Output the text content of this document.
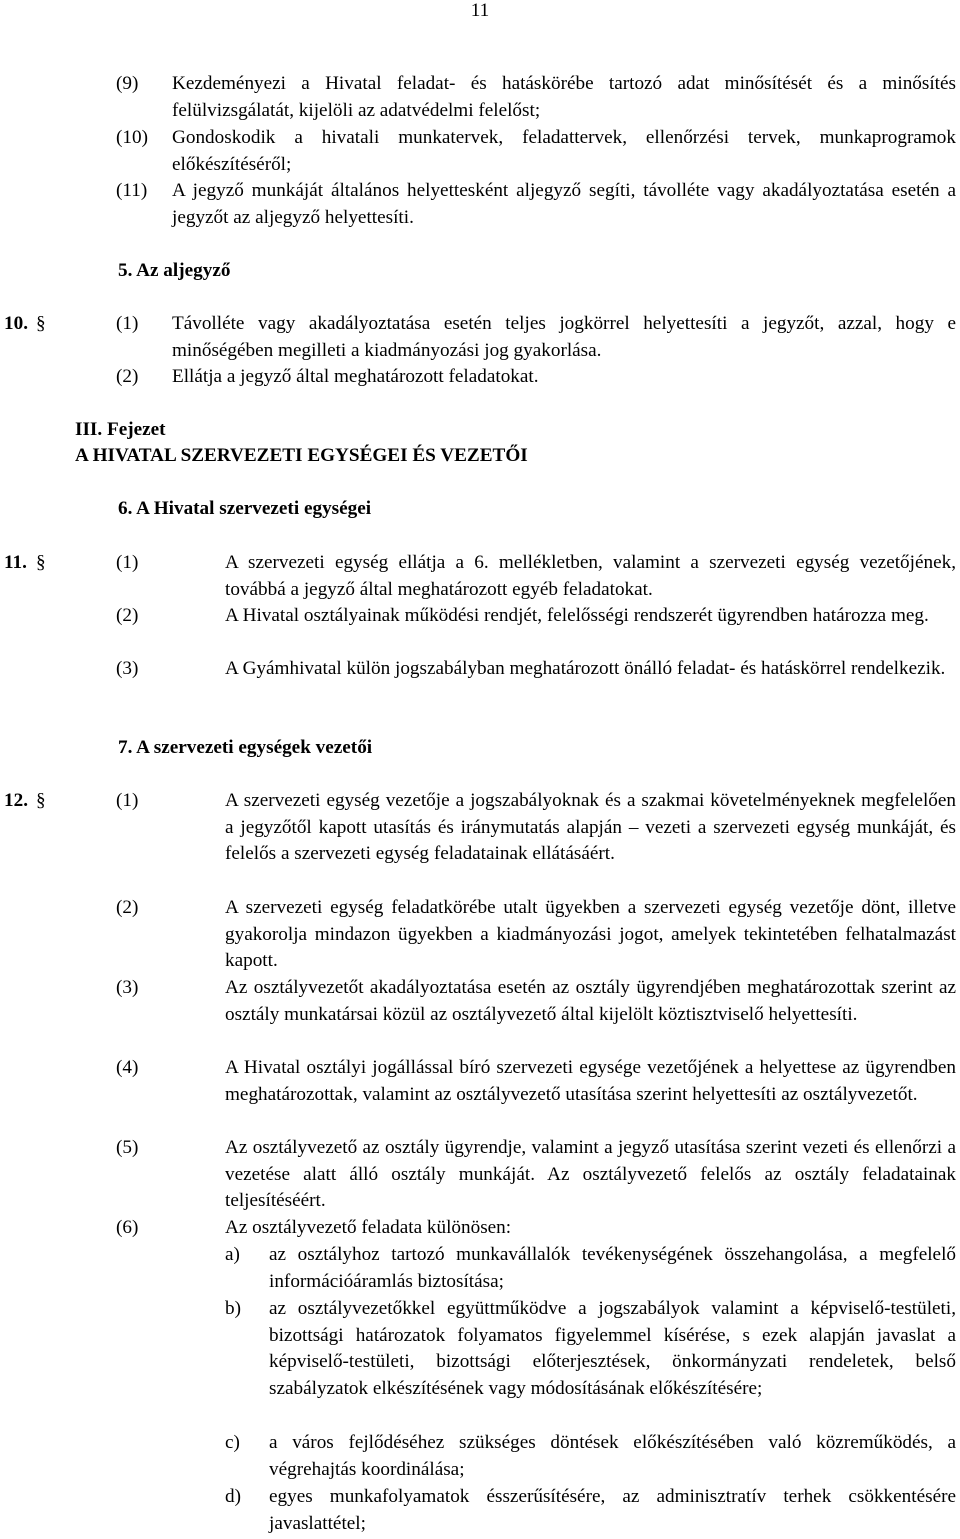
11
(9) Kezdeményezi a Hivatal feladat- és hatáskörébe tartozó adat minősítését és a minősítés felülvizsgálatát, kijelöli az adatvédelmi felelőst;
(10) Gondoskodik a hivatali munkatervek, feladattervek, ellenőrzési tervek, munkaprogramok előkészítéséről;
(11) A jegyző munkáját általános helyettesként aljegyző segíti, távolléte vagy akadályoztatása esetén a jegyzőt az aljegyző helyettesíti.
5. Az aljegyző
10. §	(1) Távolléte vagy akadályoztatása esetén teljes jogkörrel helyettesíti a jegyzőt, azzal, hogy e minőségében megilleti a kiadmányozási jog gyakorlása.
(2) Ellátja a jegyző által meghatározott feladatokat.
III. Fejezet
A HIVATAL SZERVEZETI EGYSÉGEI ÉS VEZETŐI
6. A Hivatal szervezeti egységei
11. §	(1)	A szervezeti egység ellátja a 6. mellékletben, valamint a szervezeti egység vezetőjének, továbbá a jegyző által meghatározott egyéb feladatokat.
(2)	A Hivatal osztályainak működési rendjét, felelősségi rendszerét ügyrendben határozza meg.
(3)	A Gyámhivatal külön jogszabályban meghatározott önálló feladat- és hatáskörrel rendelkezik.
7. A szervezeti egységek vezetői
12. §	(1)	A szervezeti egység vezetője a jogszabályoknak és a szakmai követelményeknek megfelelően a jegyzőtől kapott utasítás és iránymutatás alapján – vezeti a szervezeti egység munkáját, és felelős a szervezeti egység feladatainak ellátásáért.
(2)	A szervezeti egység feladatkörébe utalt ügyekben a szervezeti egység vezetője dönt, illetve gyakorolja mindazon ügyekben a kiadmányozási jogot, amelyek tekintetében felhatalmazást kapott.
(3)	Az osztályvezetőt akadályoztatása esetén az osztály ügyrendjében meghatározottak szerint az osztály munkatársai közül az osztályvezető által kijelölt köztisztviselő helyettesíti.
(4)	A Hivatal osztályi jogállással bíró szervezeti egysége vezetőjének a helyettese az ügyrendben meghatározottak, valamint az osztályvezető utasítása szerint helyettesíti az osztályvezetőt.
(5)	Az osztályvezető az osztály ügyrendje, valamint a jegyző utasítása szerint vezeti és ellenőrzi a vezetése alatt álló osztály munkáját. Az osztályvezető felelős az osztály feladatainak teljesítéséért.
(6)	Az osztályvezető feladata különösen:
a) az osztályhoz tartozó munkavállalók tevékenységének összehangolása, a megfelelő információáramlás biztosítása;
b) az osztályvezetőkkel együttműködve a jogszabályok valamint a képviselő-testületi, bizottsági határozatok folyamatos figyelemmel kísérése, s ezek alapján javaslat a képviselő-testületi, bizottsági előterjesztések, önkormányzati rendeletek, belső szabályzatok elkészítésének vagy módosításának előkészítésére;
c) a város fejlődéséhez szükséges döntések előkészítésében való közreműködés, a végrehajtás koordinálása;
d) egyes munkafolyamatok ésszerűsítésére, az adminisztratív terhek csökkentésére javaslattétel;
